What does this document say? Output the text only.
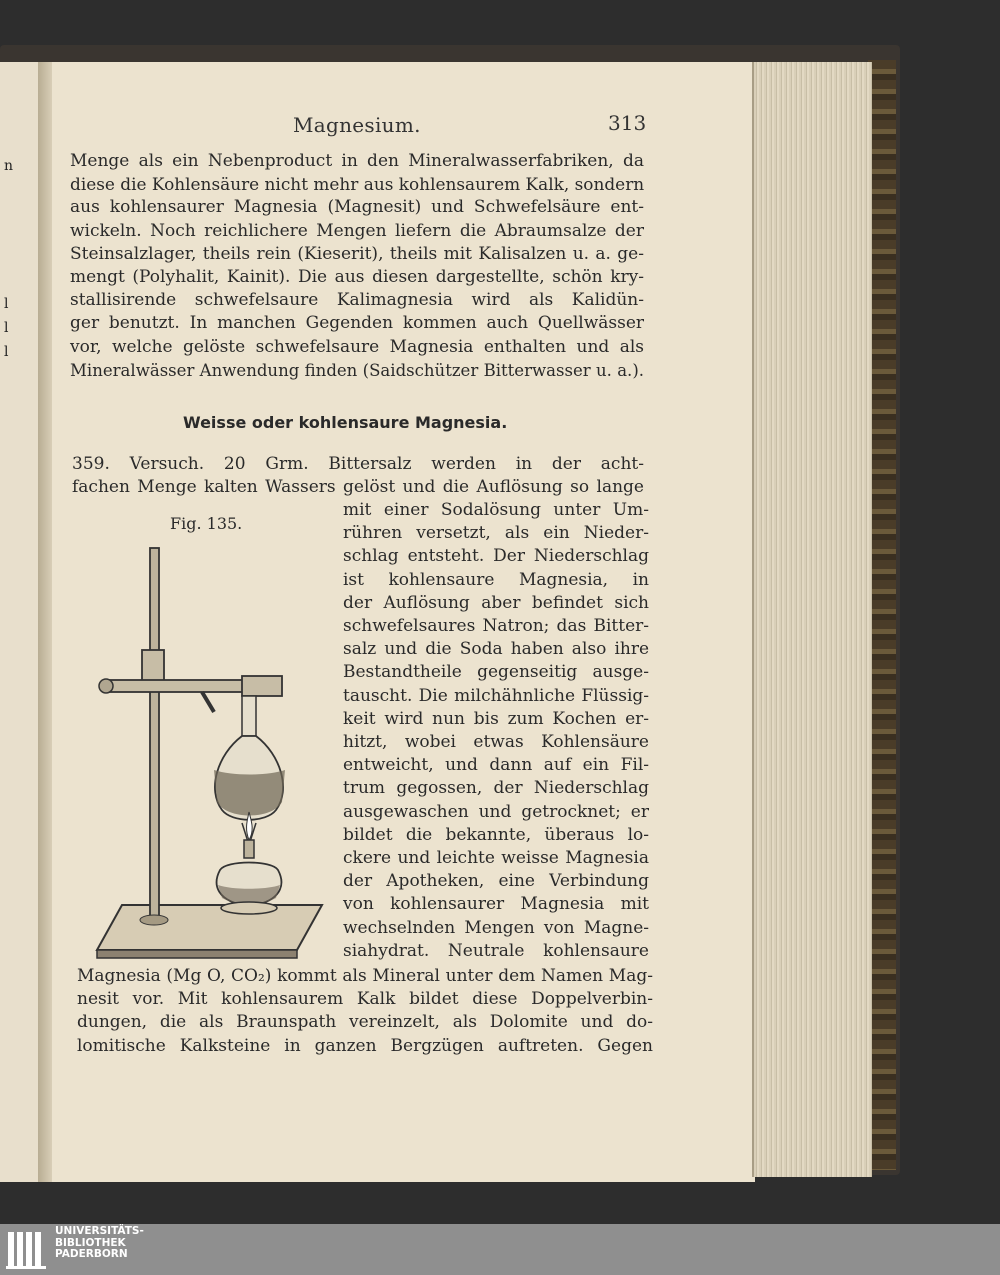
n
l
l
l
Magnesium.	313
Menge als ein Nebenproduct in den Mineralwasserfabriken, da
diese die Kohlensäure nicht mehr aus kohlensaurem Kalk, sondern
aus kohlensaurer Magnesia (Magnesit) und Schwefelsäure ent-
wickeln. Noch reichlichere Mengen liefern die Abraumsalze der
Steinsalzlager, theils rein (Kieserit), theils mit Kalisalzen u. a. ge-
mengt (Polyhalit, Kainit). Die aus diesen dargestellte, schön kry-
stallisirende schwefelsaure Kalimagnesia wird als Kalidün-
ger benutzt. In manchen Gegenden kommen auch Quellwässer
vor, welche gelöste schwefelsaure Magnesia enthalten und als
Mineralwässer Anwendung finden (Saidschützer Bitterwasser u. a.).
Weisse oder kohlensaure Magnesia.
359. Versuch. 20 Grm. Bittersalz werden in der acht-
fachen Menge kalten Wassers gelöst und die Auflösung so lange
mit einer Sodalösung unter Um-
rühren versetzt, als ein Nieder-
schlag entsteht. Der Niederschlag
ist kohlensaure Magnesia, in
der Auflösung aber befindet sich
schwefelsaures Natron; das Bitter-
salz und die Soda haben also ihre
Bestandtheile gegenseitig ausge-
tauscht. Die milchähnliche Flüssig-
keit wird nun bis zum Kochen er-
hitzt, wobei etwas Kohlensäure
entweicht, und dann auf ein Fil-
trum gegossen, der Niederschlag
ausgewaschen und getrocknet; er
bildet die bekannte, überaus lo-
ckere und leichte weisse Magnesia
der Apotheken, eine Verbindung
von kohlensaurer Magnesia mit
wechselnden Mengen von Magne-
siahydrat. Neutrale kohlensaure
Magnesia (Mg O, CO₂) kommt als Mineral unter dem Namen Mag-
nesit vor. Mit kohlensaurem Kalk bildet diese Doppelverbin-
dungen, die als Braunspath vereinzelt, als Dolomite und do-
lomitische Kalksteine in ganzen Bergzügen auftreten. Gegen
Fig. 135.
UNIVERSITÄTS-
BIBLIOTHEK
PADERBORN
